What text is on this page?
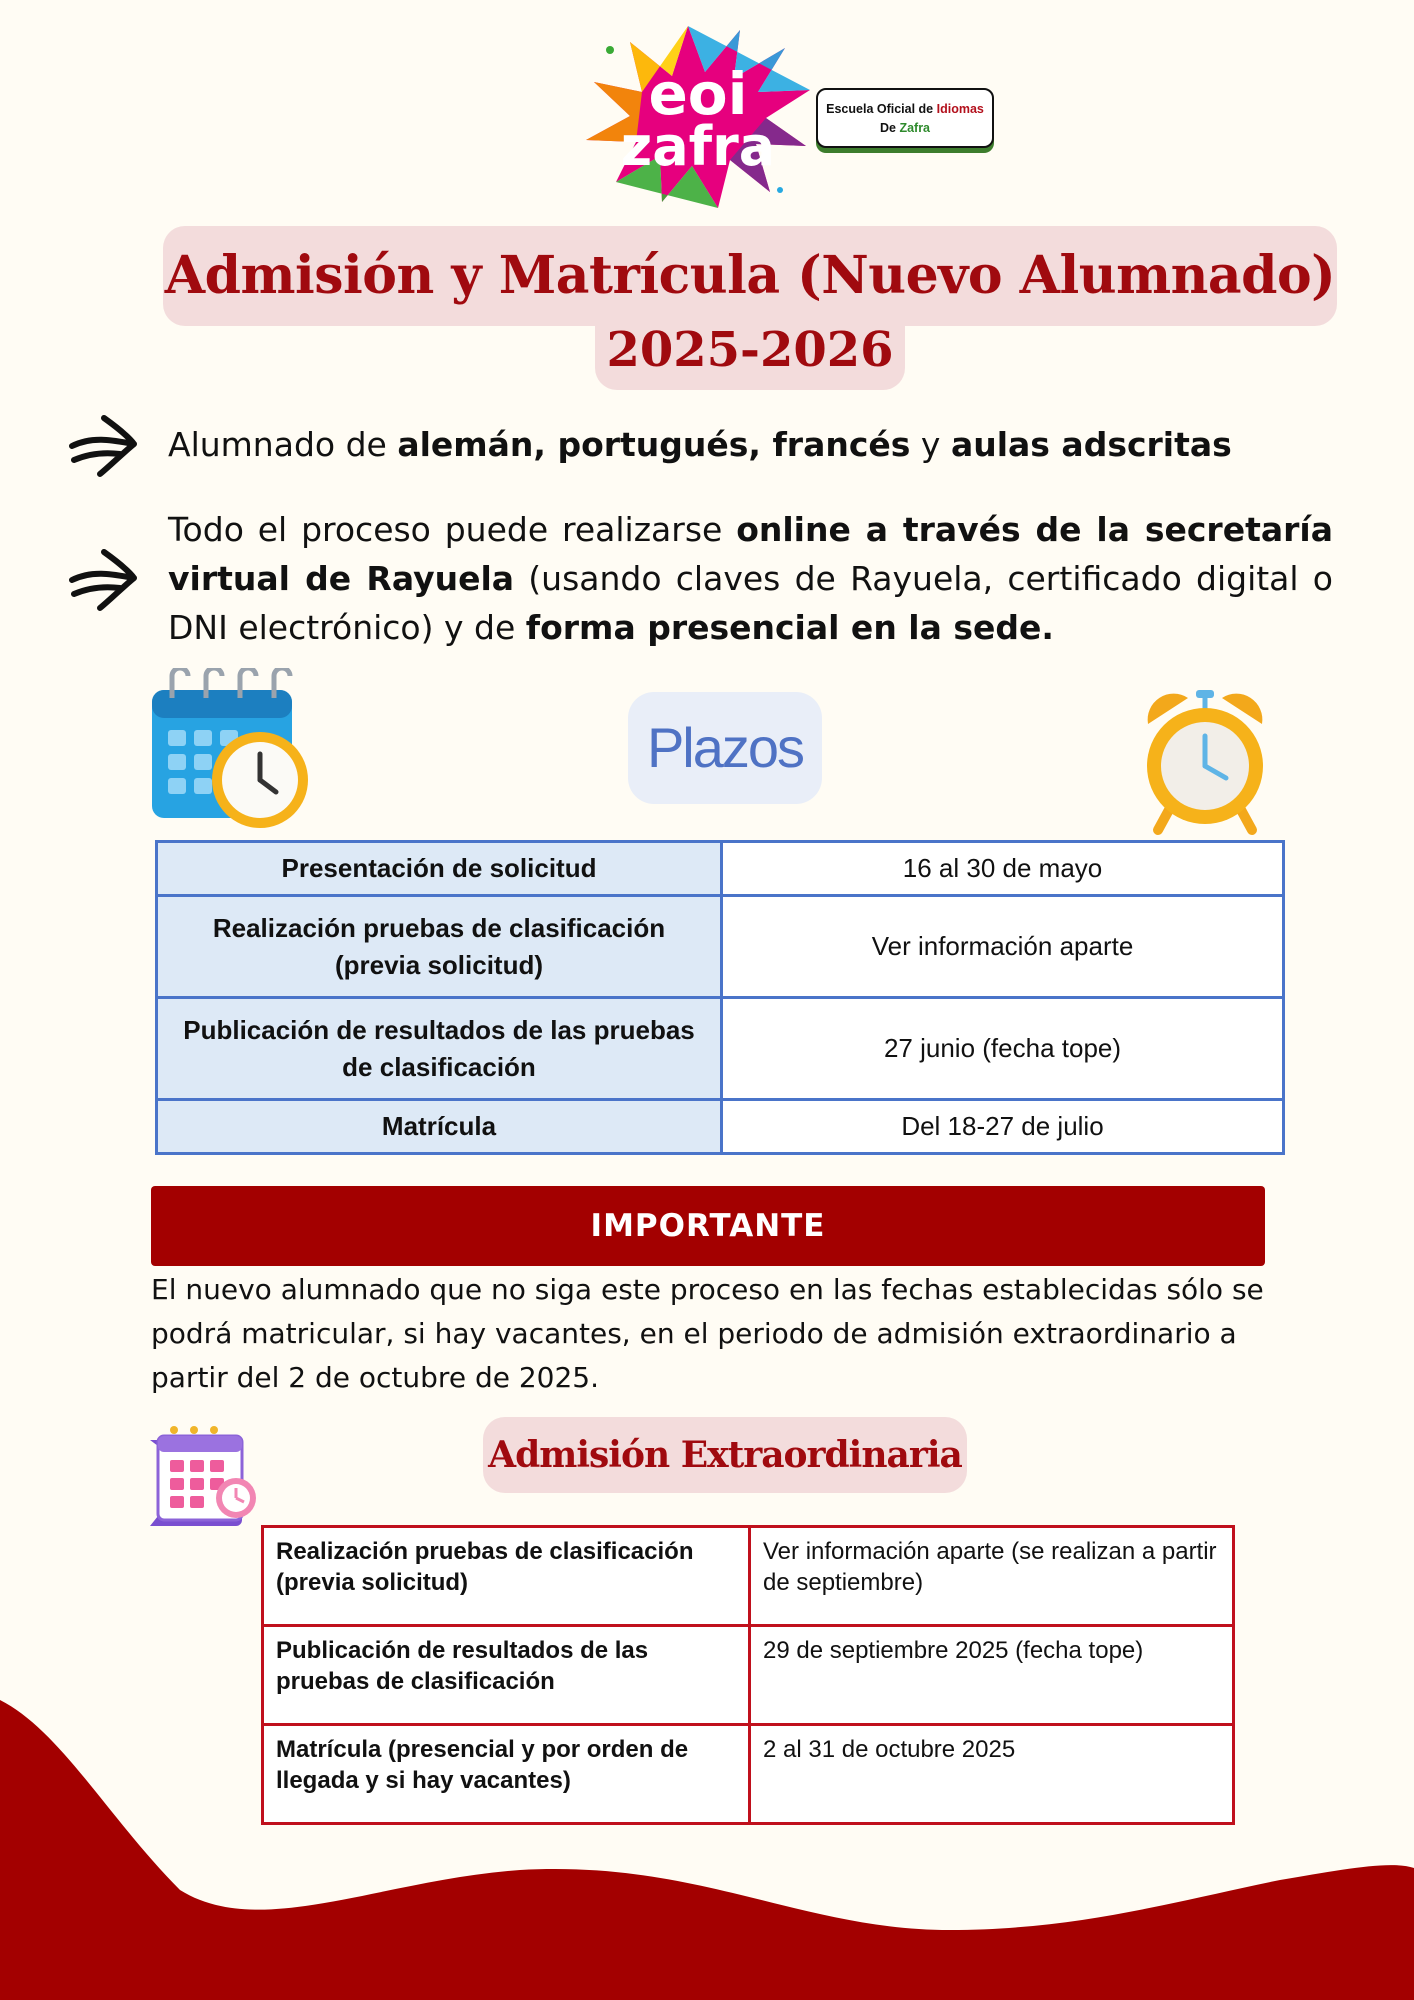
eoi
zafra
Escuela Oficial de Idiomas
De Zafra
Admisión y Matrícula (Nuevo Alumnado)
2025-2026
Alumnado de alemán, portugués, francés y aulas adscritas
Todo el proceso puede realizarse online a través de la secretaría virtual de Rayuela (usando claves de Rayuela, certificado digital o DNI electrónico) y de forma presencial en la sede.
Plazos
Presentación de solicitud	16 al 30 de mayo
Realización pruebas de clasificación (previa solicitud)	Ver información aparte
Publicación de resultados de las pruebas de clasificación	27 junio (fecha tope)
Matrícula	Del 18-27 de julio
IMPORTANTE
El nuevo alumnado que no siga este proceso en las fechas establecidas sólo se podrá matricular, si hay vacantes, en el periodo de admisión extraordinario a partir del 2 de octubre de 2025.
Admisión Extraordinaria
Realización pruebas de clasificación (previa solicitud)	Ver información aparte (se realizan a partir de septiembre)
Publicación de resultados de las pruebas de clasificación	29 de septiembre 2025 (fecha tope)
Matrícula (presencial y por orden de llegada y si hay vacantes)	2 al 31 de octubre 2025
